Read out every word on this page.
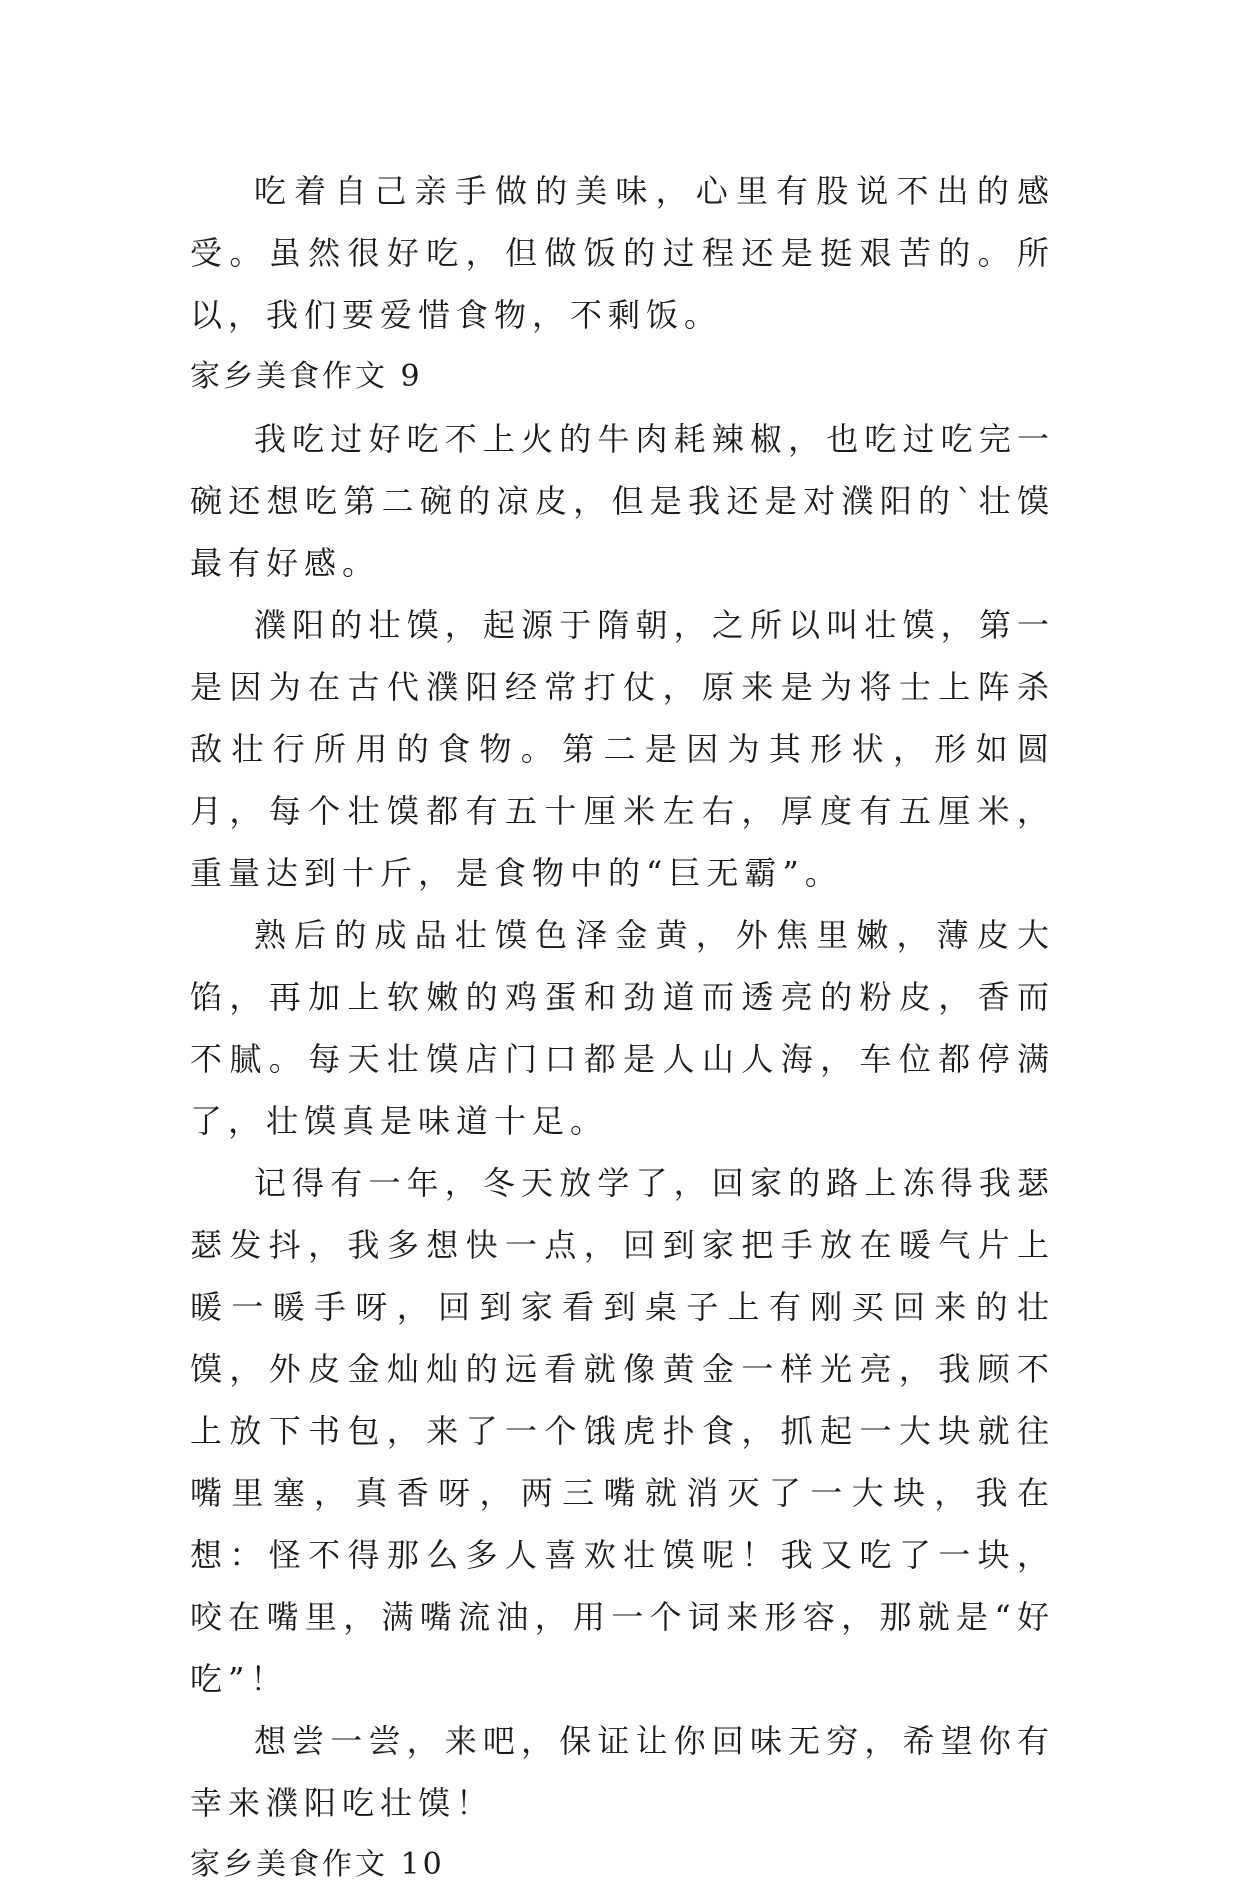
吃着自己亲手做的美味，心里有股说不出的感受。虽然很好吃，但做饭的过程还是挺艰苦的。所以，我们要爱惜食物，不剩饭。

家乡美食作文 9

我吃过好吃不上火的牛肉耗辣椒，也吃过吃完一碗还想吃第二碗的凉皮，但是我还是对濮阳的`壮馍最有好感。

濮阳的壮馍，起源于隋朝，之所以叫壮馍，第一是因为在古代濮阳经常打仗，原来是为将士上阵杀敌壮行所用的食物。第二是因为其形状，形如圆月，每个壮馍都有五十厘米左右，厚度有五厘米，重量达到十斤，是食物中的“巨无霸”。

熟后的成品壮馍色泽金黄，外焦里嫩，薄皮大馅，再加上软嫩的鸡蛋和劲道而透亮的粉皮，香而不腻。每天壮馍店门口都是人山人海，车位都停满了，壮馍真是味道十足。

记得有一年，冬天放学了，回家的路上冻得我瑟瑟发抖，我多想快一点，回到家把手放在暖气片上暖一暖手呀，回到家看到桌子上有刚买回来的壮馍，外皮金灿灿的远看就像黄金一样光亮，我顾不上放下书包，来了一个饿虎扑食，抓起一大块就往嘴里塞，真香呀，两三嘴就消灭了一大块，我在想：怪不得那么多人喜欢壮馍呢！我又吃了一块，咬在嘴里，满嘴流油，用一个词来形容，那就是“好吃”！

想尝一尝，来吧，保证让你回味无穷，希望你有幸来濮阳吃壮馍！

家乡美食作文 10
